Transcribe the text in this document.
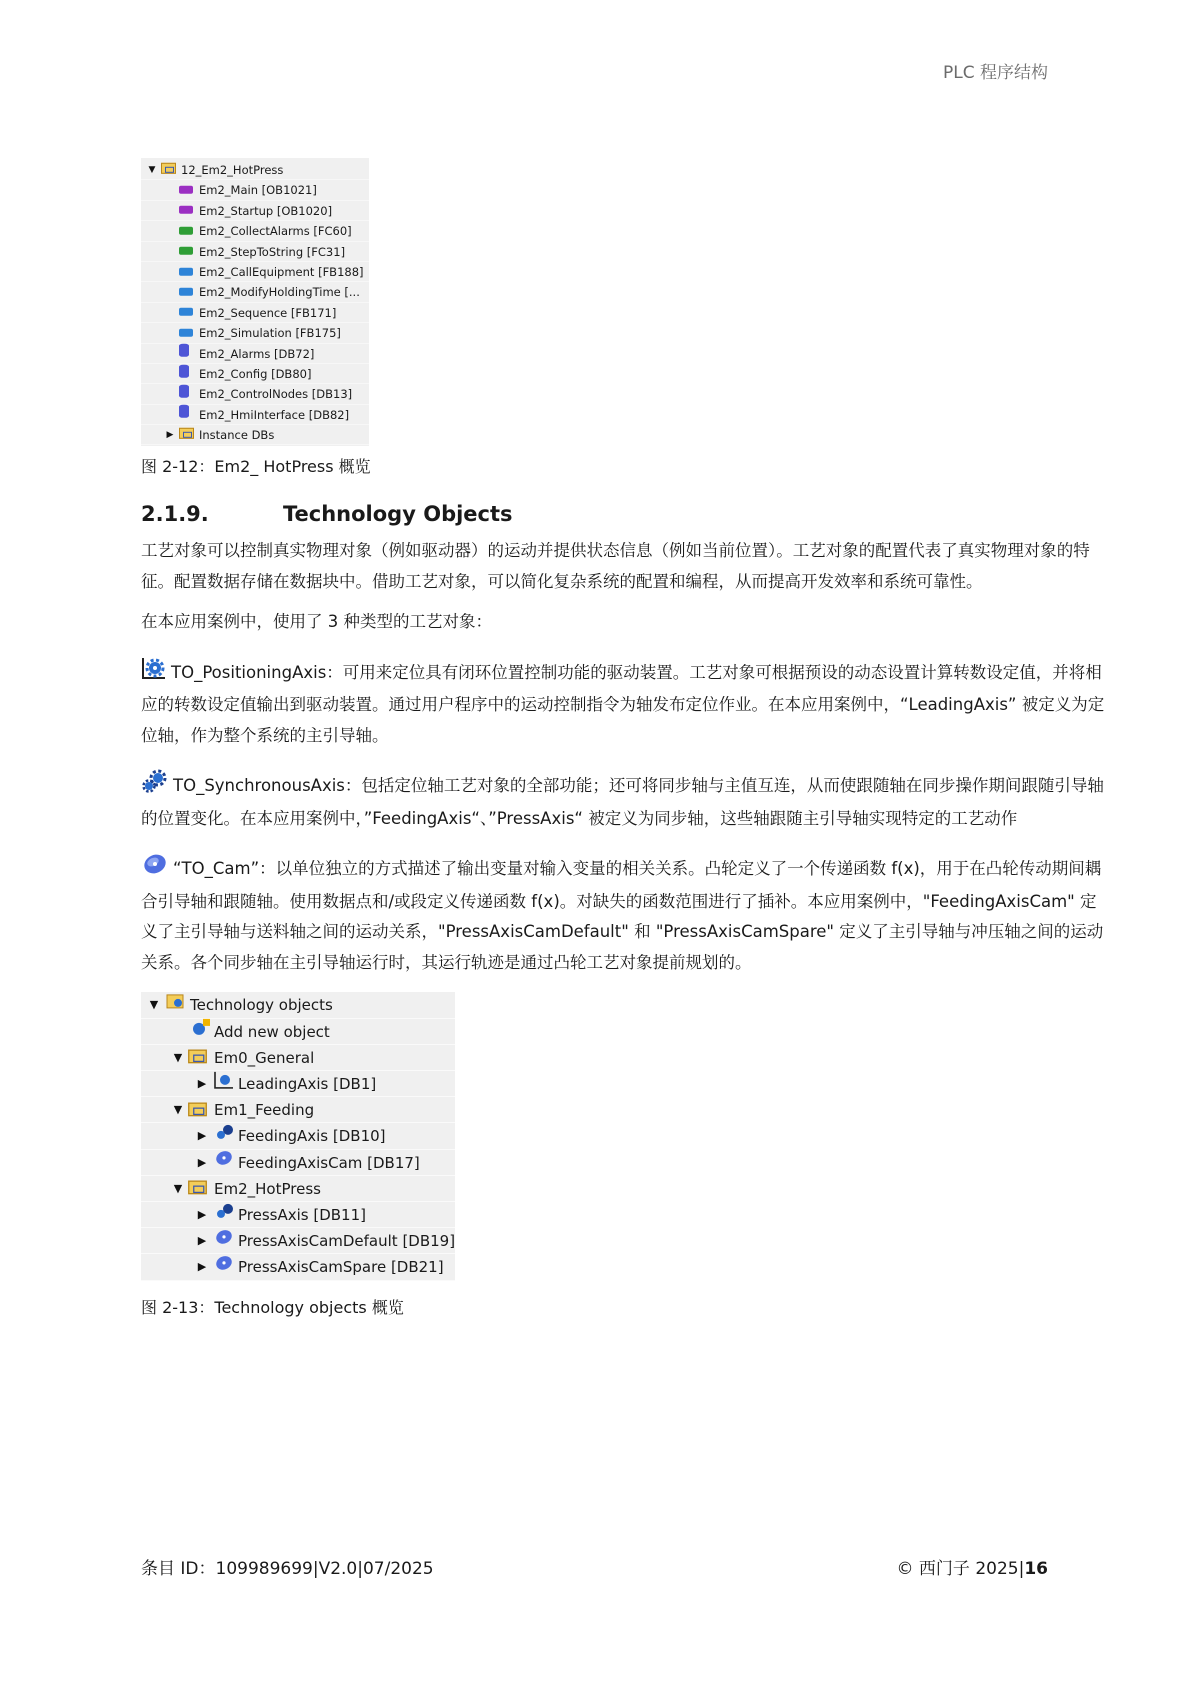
PLC 程序结构
▼ 12_Em2_HotPress
Em2_Main [OB1021]
Em2_Startup [OB1020]
Em2_CollectAlarms [FC60]
Em2_StepToString [FC31]
Em2_CallEquipment [FB188]
Em2_ModifyHoldingTime [...
Em2_Sequence [FB171]
Em2_Simulation [FB175]
Em2_Alarms [DB72]
Em2_Config [DB80]
Em2_ControlNodes [DB13]
Em2_HmiInterface [DB82]
▶ Instance DBs
图 2-12：Em2_ HotPress 概览
2.1.9.	Technology Objects
工艺对象可以控制真实物理对象（例如驱动器）的运动并提供状态信息（例如当前位置）。工艺对象的配置代表了真实物理对象的特征。配置数据存储在数据块中。借助工艺对象，可以简化复杂系统的配置和编程，从而提高开发效率和系统可靠性。
在本应用案例中，使用了 3 种类型的工艺对象：
TO_PositioningAxis：可用来定位具有闭环位置控制功能的驱动装置。工艺对象可根据预设的动态设置计算转数设定值，并将相应的转数设定值输出到驱动装置。通过用户程序中的运动控制指令为轴发布定位作业。在本应用案例中，“LeadingAxis” 被定义为定位轴，作为整个系统的主引导轴。
TO_SynchronousAxis：包括定位轴工艺对象的全部功能；还可将同步轴与主值互连，从而使跟随轴在同步操作期间跟随引导轴的位置变化。在本应用案例中，”FeedingAxis“、”PressAxis“ 被定义为同步轴，这些轴跟随主引导轴实现特定的工艺动作
“TO_Cam”：以单位独立的方式描述了输出变量对输入变量的相关关系。凸轮定义了一个传递函数 f(x)，用于在凸轮传动期间耦合引导轴和跟随轴。使用数据点和/或段定义传递函数 f(x)。对缺失的函数范围进行了插补。本应用案例中，"FeedingAxisCam" 定义了主引导轴与送料轴之间的运动关系，"PressAxisCamDefault" 和 "PressAxisCamSpare" 定义了主引导轴与冲压轴之间的运动关系。各个同步轴在主引导轴运行时，其运行轨迹是通过凸轮工艺对象提前规划的。
▼ Technology objects
Add new object
▼ Em0_General
▶ LeadingAxis [DB1]
▼ Em1_Feeding
▶ FeedingAxis [DB10]
▶ FeedingAxisCam [DB17]
▼ Em2_HotPress
▶ PressAxis [DB11]
▶ PressAxisCamDefault [DB19]
▶ PressAxisCamSpare [DB21]
图 2-13：Technology objects 概览
条目 ID：109989699|V2.0|07/2025	© 西门子 2025|16
